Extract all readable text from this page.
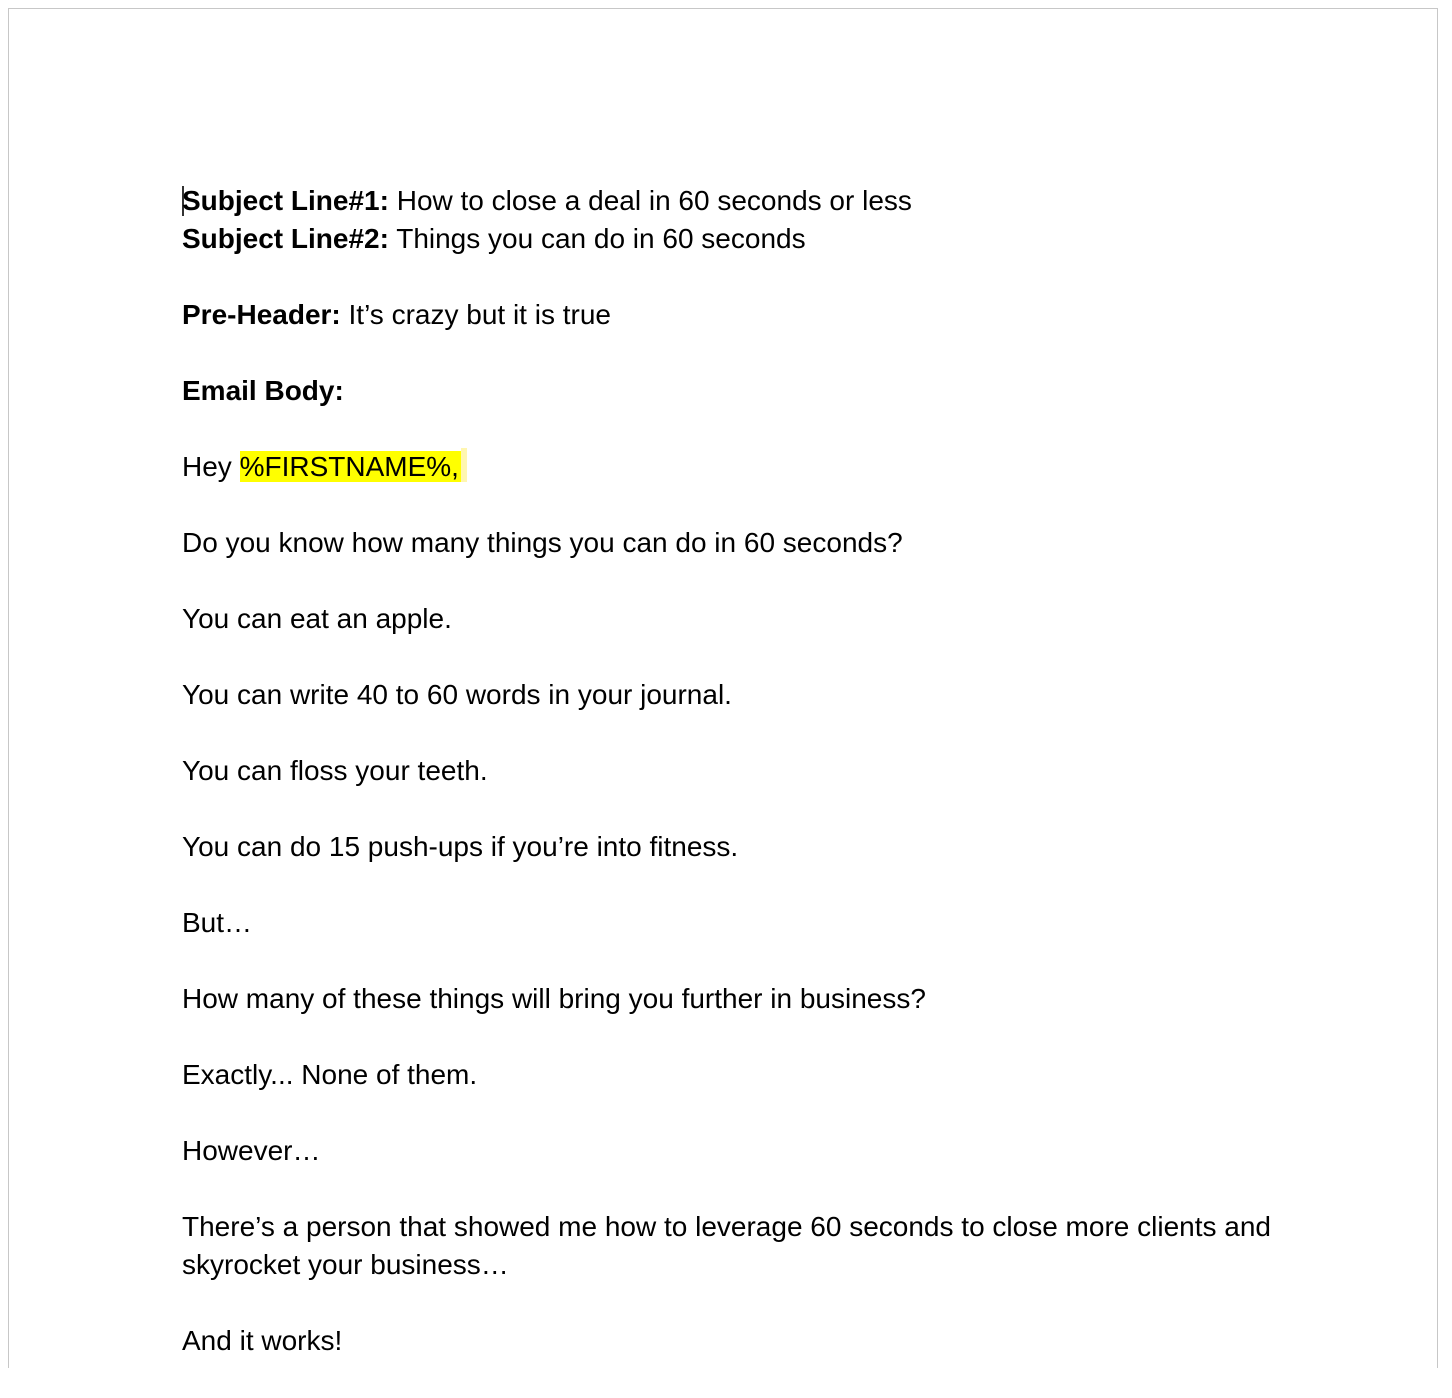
Subject Line#1: How to close a deal in 60 seconds or less

Subject Line#2: Things you can do in 60 seconds

Pre-Header: It’s crazy but it is true

Email Body:

Hey %FIRSTNAME%,

Do you know how many things you can do in 60 seconds?

You can eat an apple.

You can write 40 to 60 words in your journal.

You can floss your teeth.

You can do 15 push-ups if you’re into fitness.

But…

How many of these things will bring you further in business?

Exactly... None of them.

However…

There’s a person that showed me how to leverage 60 seconds to close more clients and skyrocket your business…

And it works!
